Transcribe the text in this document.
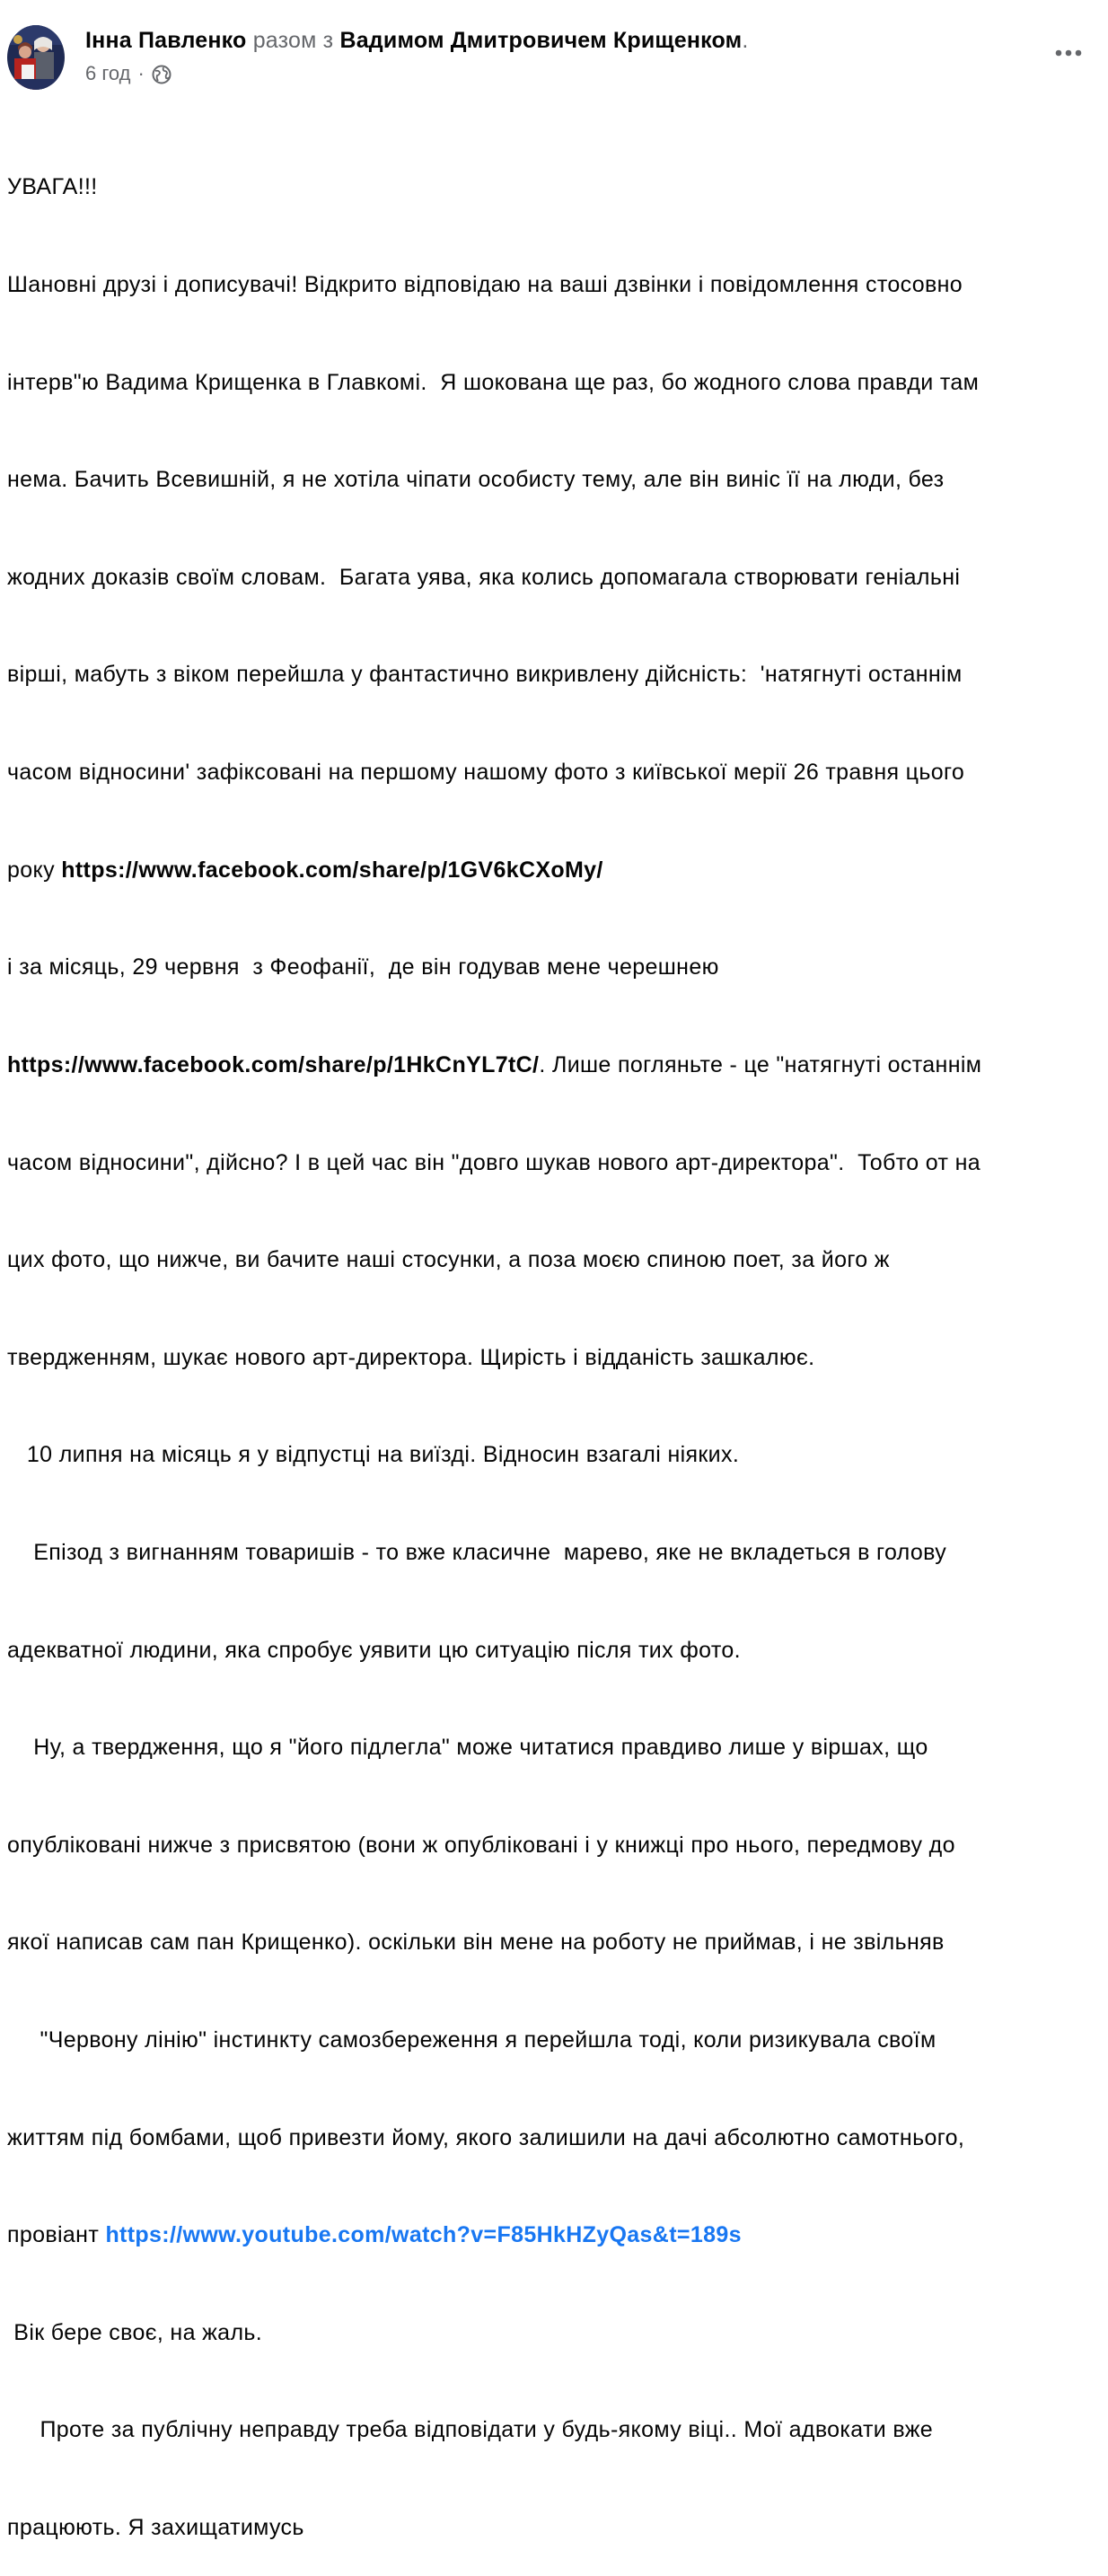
Інна Павленко разом з Вадимом Дмитровичем Крищенком.
6 год ·

УВАГА!!!

Шановні друзі і дописувачі! Відкрито відповідаю на ваші дзвінки і повідомлення стосовно

інтерв"ю Вадима Крищенка в Главкомі.  Я шокована ще раз, бо жодного слова правди там

нема. Бачить Всевишній, я не хотіла чіпати особисту тему, але він виніс її на люди, без

жодних доказів своїм словам.  Багата уява, яка колись допомагала створювати геніальні

вірші, мабуть з віком перейшла у фантастично викривлену дійсність:  'натягнуті останнім

часом відносини' зафіксовані на першому нашому фото з київської мерії 26 травня цього

року https://www.facebook.com/share/p/1GV6kCXoMy/

і за місяць, 29 червня  з Феофанії,  де він годував мене черешнею

https://www.facebook.com/share/p/1HkCnYL7tC/. Лише погляньте - це "натягнуті останнім

часом відносини", дійсно? І в цей час він "довго шукав нового арт-директора".  Тобто от на

цих фото, що нижче, ви бачите наші стосунки, а поза моєю спиною поет, за його ж

твердженням, шукає нового арт-директора. Щирість і відданість зашкалює.

10 липня на місяць я у відпустці на виїзді. Відносин взагалі ніяких.

Епізод з вигнанням товаришів - то вже класичне  марево, яке не вкладеться в голову

адекватної людини, яка спробує уявити цю ситуацію після тих фото.

Ну, а твердження, що я "його підлегла" може читатися правдиво лише у віршах, що

опубліковані нижче з присвятою (вони ж опубліковані і у книжці про нього, передмову до

якої написав сам пан Крищенко). оскільки він мене на роботу не приймав, і не звільняв

"Червону лінію" інстинкту самозбереження я перейшла тоді, коли ризикувала своїм

життям під бомбами, щоб привезти йому, якого залишили на дачі абсолютно самотнього,

провіант https://www.youtube.com/watch?v=F85HkHZyQas&t=189s

Вік бере своє, на жаль.

Проте за публічну неправду треба відповідати у будь-якому віці.. Мої адвокати вже

працюють. Я захищатимусь
